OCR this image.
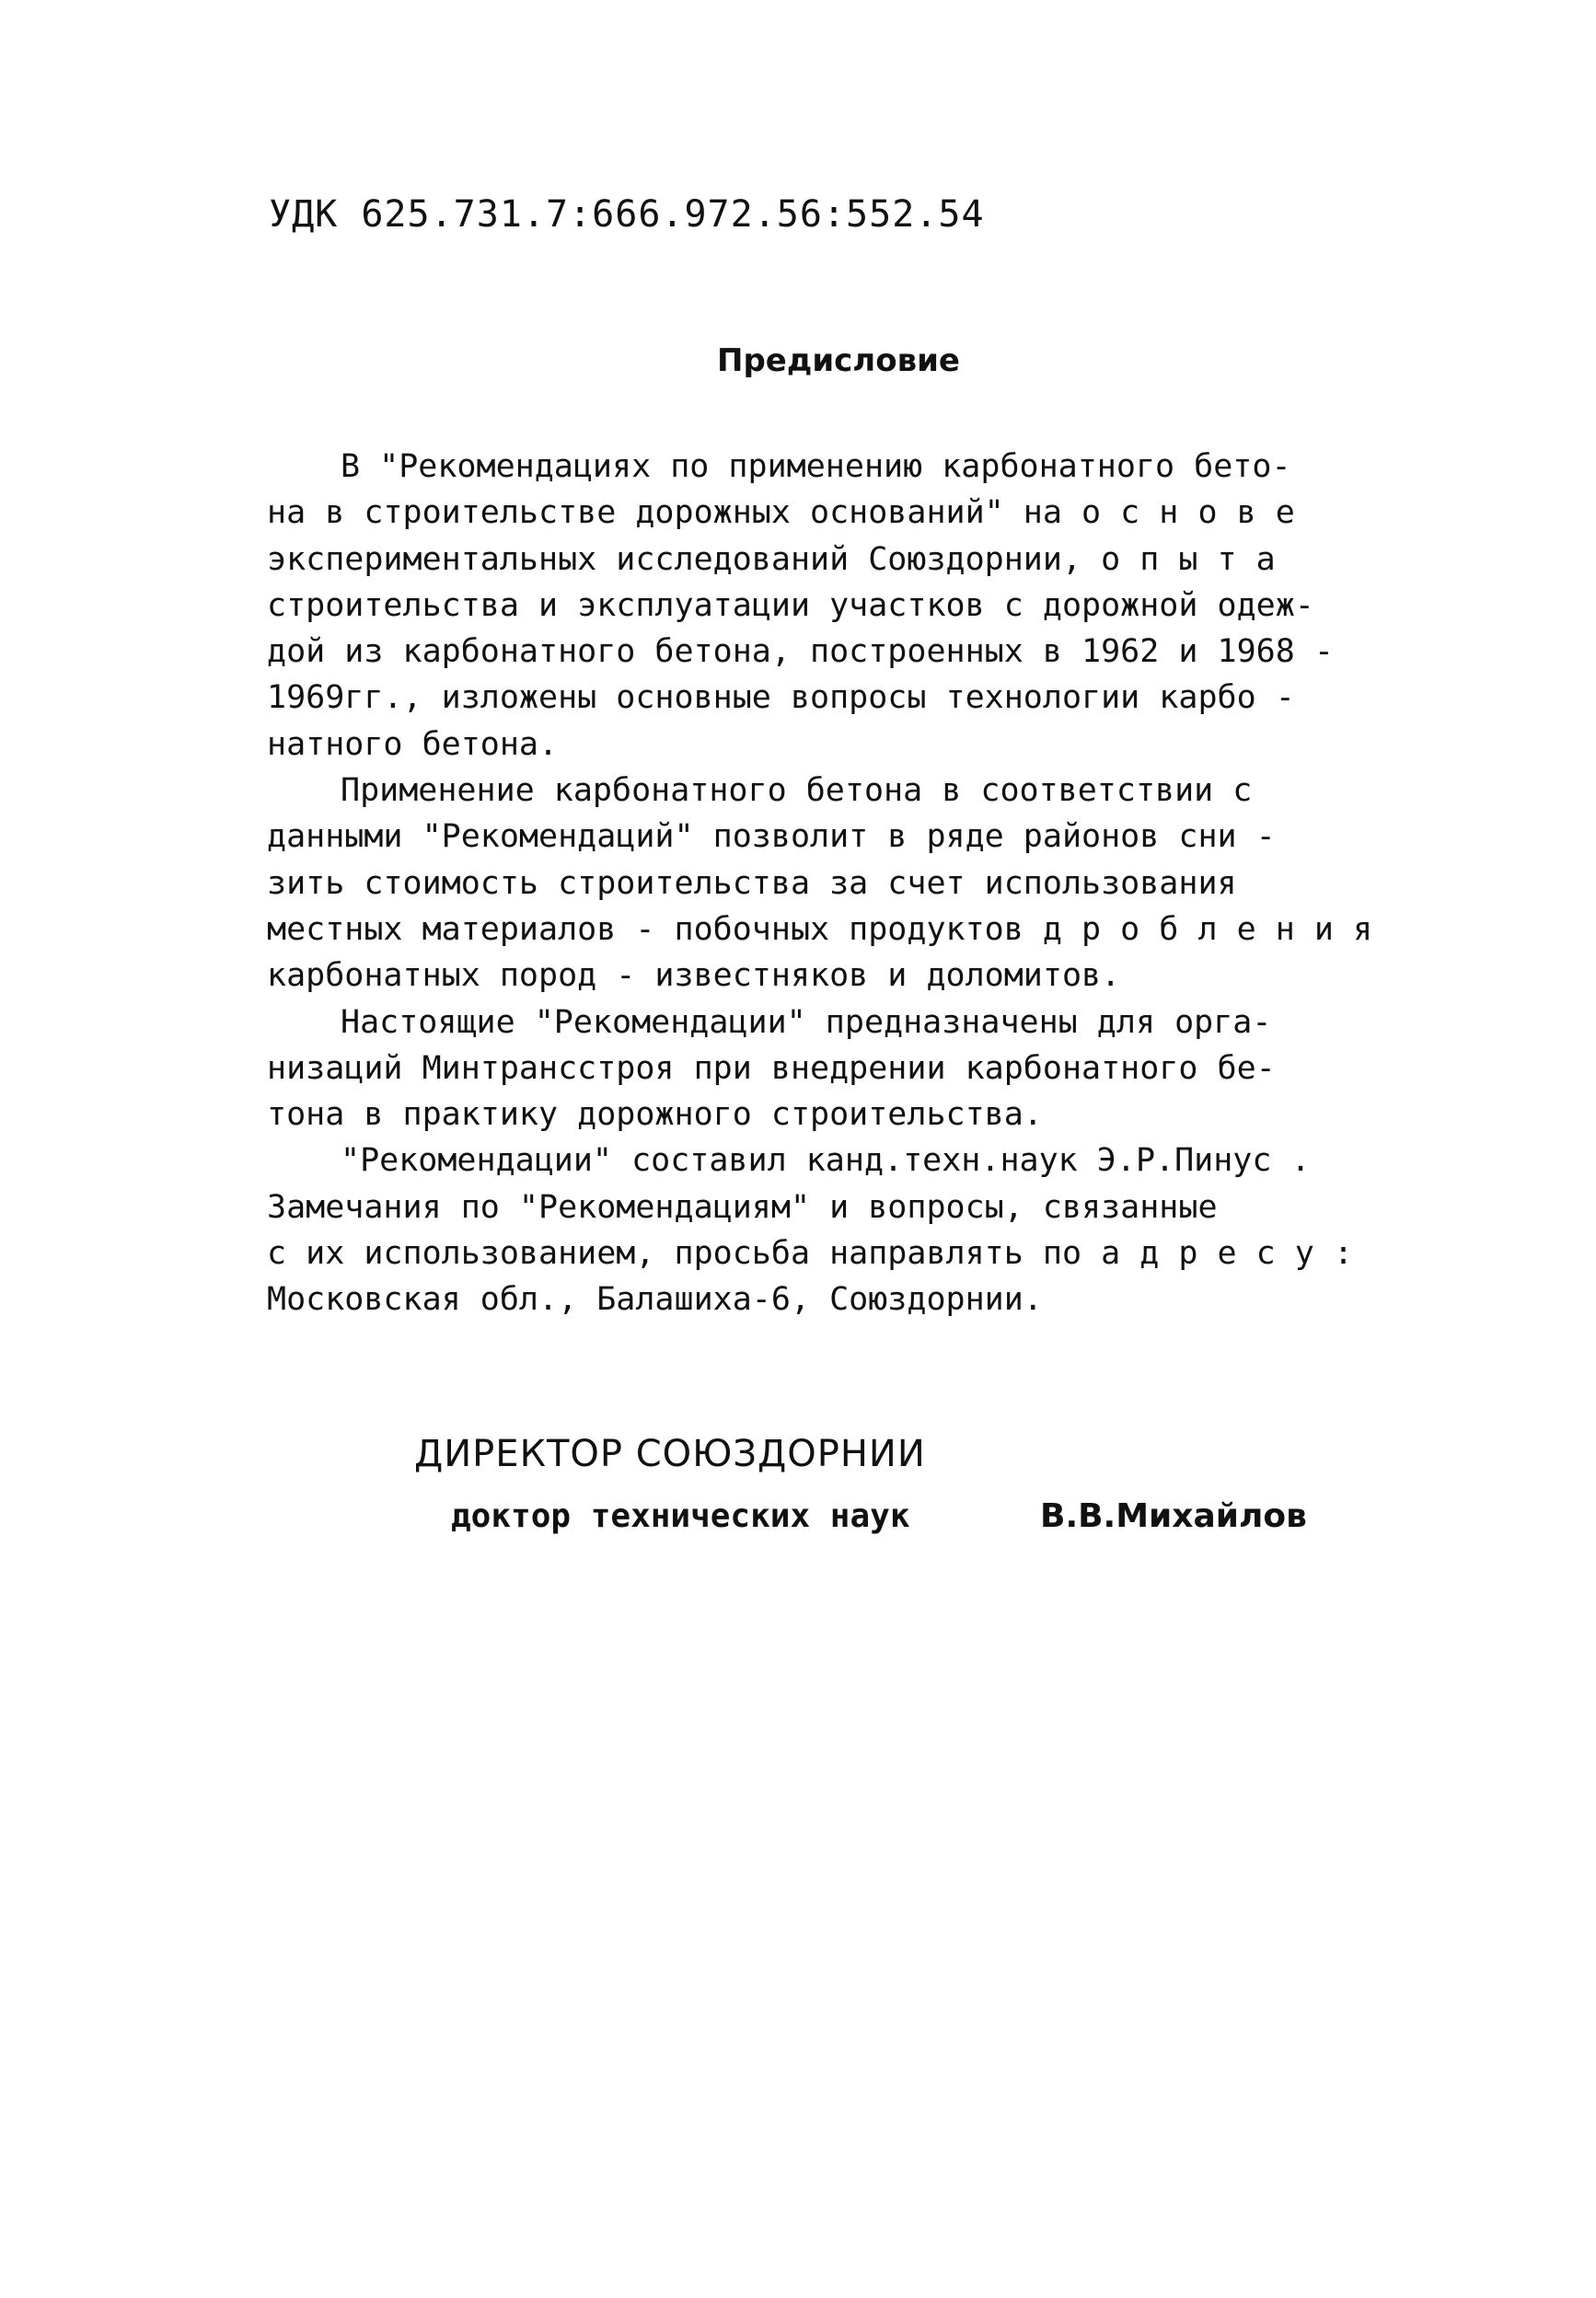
УДК 625.731.7:666.972.56:552.54
Предисловие
В "Рекомендациях по применению карбонатного бето-
на в строительстве дорожных оснований" на о с н о в е
экспериментальных исследований Союздорнии, о п ы т а
строительства и эксплуатации участков с дорожной одеж-
дой из карбонатного бетона, построенных в 1962 и 1968 -
1969гг., изложены основные вопросы технологии карбо -
натного бетона.
Применение карбонатного бетона в соответствии с
данными "Рекомендаций" позволит в ряде районов сни -
зить стоимость строительства за счет использования
местных материалов - побочных продуктов д р о б л е н и я
карбонатных пород - известняков и доломитов.
Настоящие "Рекомендации" предназначены для орга-
низаций Минтрансстроя при внедрении карбонатного бе-
тона в практику дорожного строительства.
"Рекомендации" составил канд.техн.наук Э.Р.Пинус .
Замечания по "Рекомендациям" и вопросы, связанные
с их использованием, просьба направлять по а д р е с у :
Московская обл., Балашиха-6, Союздорнии.
ДИРЕКТОР СОЮЗДОРНИИ
доктор технических наук	В.В.Михайлов
